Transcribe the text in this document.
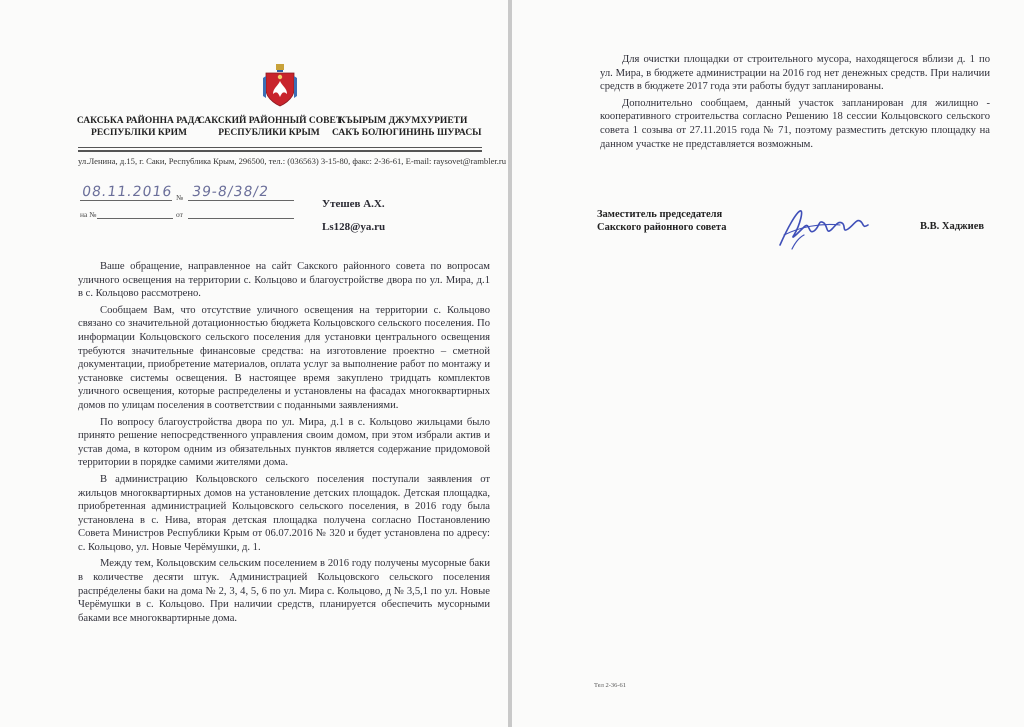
САКСЬКА РАЙОННА РАДА
РЕСПУБЛІКИ КРИМ
САКСКИЙ РАЙОННЫЙ СОВЕТ
РЕСПУБЛИКИ КРЫМ
КЪЫРЫМ ДЖУМХУРИЕТИ
САКЪ БОЛЮГИНИНЬ ШУРАСЫ
ул.Ленина, д.15, г. Саки, Республика Крым, 296500, тел.: (036563) 3-15-80, факс: 2-36-61, E-mail: raysovet@rambler.ru
08.11.2016 № 39-8/38/2
на №	от
Утешев А.Х.
Ls128@ya.ru

Ваше обращение, направленное на сайт Сакского районного совета по вопросам уличного освещения на территории с. Кольцово и благоустройстве двора по ул. Мира, д.1 в с. Кольцово рассмотрено.

Сообщаем Вам, что отсутствие уличного освещения на территории с. Кольцово связано со значительной дотационностью бюджета Кольцовского сельского поселения. По информации Кольцовского сельского поселения для установки центрального освещения требуются значительные финансовые средства: на изготовление проектно – сметной документации, приобретение материалов, оплата услуг за выполнение работ по монтажу и установке системы освещения. В настоящее время закуплено тридцать комплектов уличного освещения, которые распределены и установлены на фасадах многоквартирных домов по улицам поселения в соответствии с поданными заявлениями.

По вопросу благоустройства двора по ул. Мира, д.1 в с. Кольцово жильцами было принято решение непосредственного управления своим домом, при этом избрали актив и устав дома, в котором одним из обязательных пунктов является содержание придомовой территории в порядке самими жителями дома.

В администрацию Кольцовского сельского поселения поступали заявления от жильцов многоквартирных домов на установление детских площадок. Детская площадка, приобретенная администрацией Кольцовского сельского поселения, в 2016 году была установлена в с. Нива, вторая детская площадка получена согласно Постановлению Совета Министров Республики Крым от 06.07.2016 № 320 и будет установлена по адресу: с. Кольцово, ул. Новые Черёмушки, д. 1.

Между тем, Кольцовским сельским поселением в 2016 году получены мусорные баки в количестве десяти штук. Администрацией Кольцовского сельского поселения распрéделены баки на дома № 2, 3, 4, 5, 6 по ул. Мира с. Кольцово, д № 3,5,1 по ул. Новые Черёмушки в с. Кольцово. При наличии средств, планируется обеспечить мусорными баками все многоквартирные дома.

Для очистки площадки от строительного мусора, находящегося вблизи д. 1 по ул. Мира, в бюджете администрации на 2016 год нет денежных средств. При наличии средств в бюджете 2017 года эти работы будут запланированы.

Дополнительно сообщаем, данный участок запланирован для жилищно - кооперативного строительства согласно Решению 18 сессии Кольцовского сельского совета 1 созыва от 27.11.2015 года № 71, поэтому разместить детскую площадку на данном участке не представляется возможным.

Заместитель председателя
Сакского районного совета	В.В. Хаджиев
Тел 2-36-61
